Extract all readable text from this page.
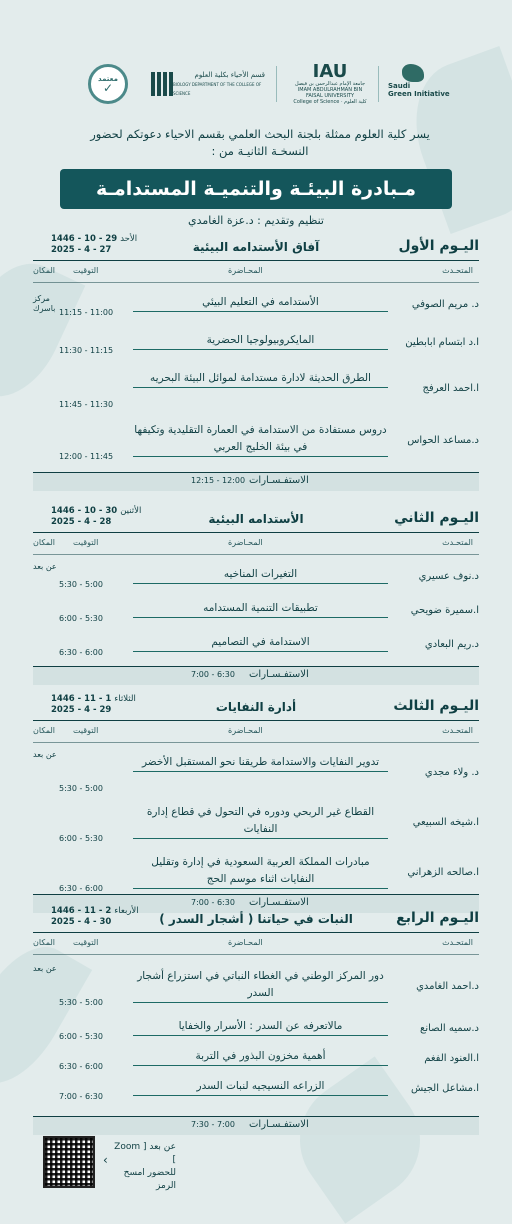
معتمد
✓
قسم الأحياء بكلية العلوم
BIOLOGY DEPARTMENT OF THE COLLEGE OF SCIENCE
IAU
جامعة الإمام عبدالرحمن بن فيصل
IMAM ABDULRAHMAN BIN FAISAL UNIVERSITY
College of Science · كلية العلوم
Saudi
Green Initiative
يسر كلية العلوم ممثلة بلجنة البحث العلمي بقسم الاحياء دعوتكم لحضور
النسخـة الثانيـة من :
مـبادرة البيئـة والتنميـة المستدامـة
تنظيم وتقديم : د.عزة الغامدي
اليـوم الأول
آفاق الأستدامه البيئية
1446 - 10 - 29 الأحد
2025 - 4 - 27
المتحـدث
المحـاضرة
التوقيت
المكان
د. مريم الصوفي
الأستدامه في التعليم البيئي
11:15 - 11:00
مركز باسرك
ا.د ابتسام ابابطين
المايكروبيولوجيا الحضرية
11:30 - 11:15
ا.احمد العرفج
الطرق الحديثة لادارة مستدامة لموائل البيئة البحريه
11:45 - 11:30
د.مساعد الحواس
دروس مستفادة من الاستدامة في العمارة التقليدية وتكيفها في بيئة الخليج العربي
12:00 - 11:45
12:15 - 12:00 الاستفـسـارات
اليـوم الثاني
الأستدامه البيئية
1446 - 10 - 30 الأثنين
2025 - 4 - 28
المتحـدث
المحـاضرة
التوقيت
المكان
د.نوف عسيري
التغيرات المناخيه
5:30 - 5:00
عن بعد
ا.سميرة ضويحي
تطبيقات التنمية المستدامه
6:00 - 5:30
د.ريم البعادي
الاستدامة في التصاميم
6:30 - 6:00
7:00 - 6:30 الاستفـسـارات
اليـوم الثالث
أدارة النفايات
1446 - 11 - 1 الثلاثاء
2025 - 4 - 29
المتحـدث
المحـاضرة
التوقيت
المكان
د. ولاء مجدي
تدوير النفايات والاستدامة طريقنا نحو المستقبل الأخضر
5:30 - 5:00
عن بعد
ا.شيخه السبيعي
القطاع غير الربحي ودوره في التحول في قطاع إدارة النفايات
6:00 - 5:30
ا.صالحه الزهراني
مبادرات المملكة العربية السعودية في إدارة وتقليل النفايات اثناء موسم الحج
6:30 - 6:00
7:00 - 6:30 الاستفـسـارات
اليـوم الرابع
النبات في حياتنا ( أشجار السدر )
1446 - 11 - 2 الأربعاء
2025 - 4 - 30
المتحـدث
المحـاضرة
التوقيت
المكان
د.احمد الغامدي
دور المركز الوطني في الغطاء النباتي في استزراع أشجار السدر
5:30 - 5:00
عن بعد
د.سميه الصانع
مالاتعرفه عن السدر : الأسرار والخفايا
6:00 - 5:30
ا.العنود الفغم
أهمية مخزون البذور في التربة
6:30 - 6:00
ا.مشاعل الجيش
الزراعه النسيجيه لنبات السدر
7:00 - 6:30
7:30 - 7:00 الاستفـسـارات
‹
عن بعد [ Zoom ]
للحضور امسح الرمز
